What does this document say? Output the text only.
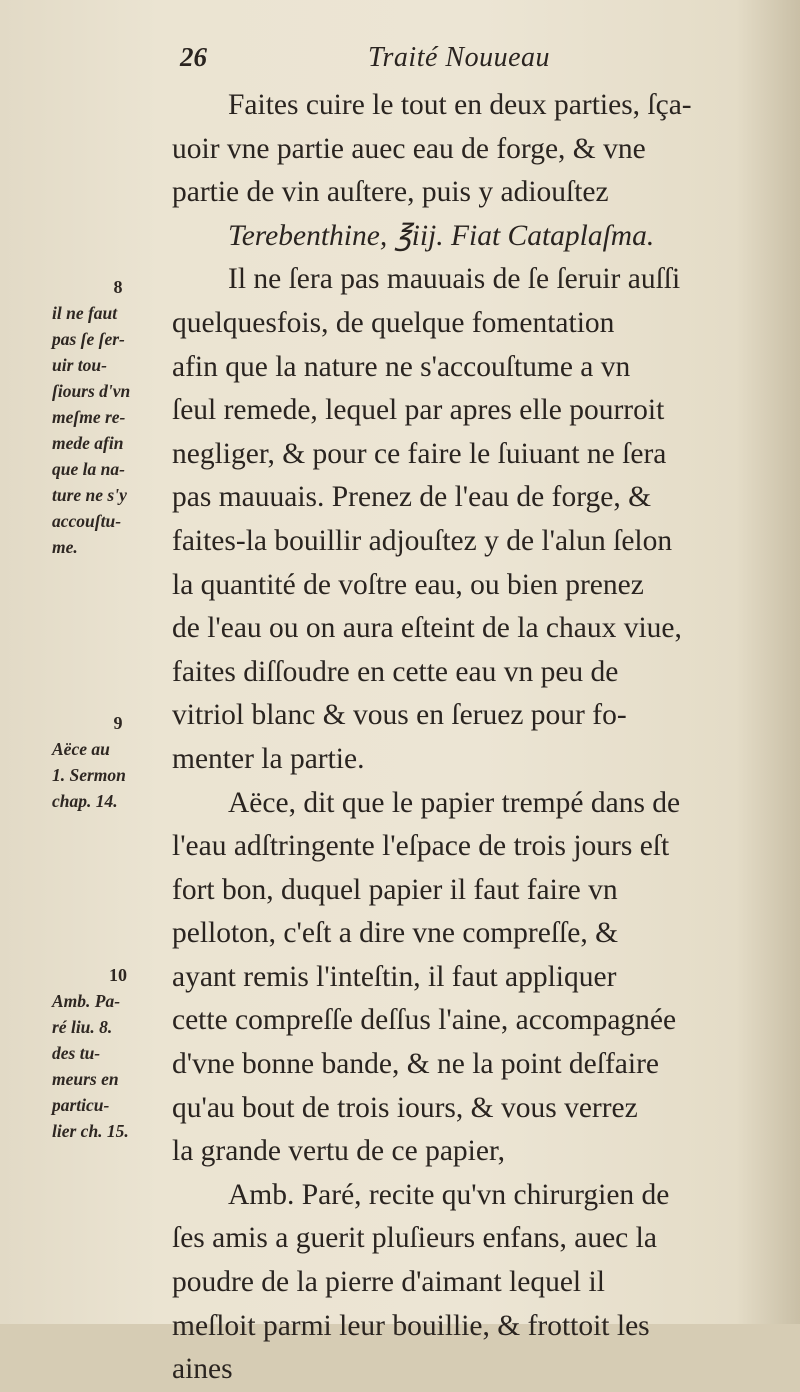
26	Traité Nouueau
Faites cuire le tout en deux parties, ſça-
uoir vne partie auec eau de forge, & vne
partie de vin auſtere, puis y adiouſtez
Terebenthine, ℥iij. Fiat Cataplaſma.
Il ne ſera pas mauuais de ſe ſeruir auſſi
quelquesfois, de quelque fomentation
afin que la nature ne s'accouſtume a vn
ſeul remede, lequel par apres elle pourroit
negliger, & pour ce faire le ſuiuant ne ſera
pas mauuais. Prenez de l'eau de forge, &
faites-la bouillir adjouſtez y de l'alun ſelon
la quantité de voſtre eau, ou bien prenez
de l'eau ou on aura eſteint de la chaux viue,
faites diſſoudre en cette eau vn peu de
vitriol blanc & vous en ſeruez pour fo-
menter la partie.
Aëce, dit que le papier trempé dans de
l'eau adſtringente l'eſpace de trois jours eſt
fort bon, duquel papier il faut faire vn
pelloton, c'eſt a dire vne compreſſe, &
ayant remis l'inteſtin, il faut appliquer
cette compreſſe deſſus l'aine, accompagnée
d'vne bonne bande, & ne la point deſfaire
qu'au bout de trois iours, & vous verrez
la grande vertu de ce papier,
Amb. Paré, recite qu'vn chirurgien de
ſes amis a guerit pluſieurs enfans, auec la
poudre de la pierre d'aimant lequel il
meſloit parmi leur bouillie, & frottoit les
aines
8
il ne faut
pas ſe ſer-
uir tou-
ſiours d'vn
meſme re-
mede afin
que la na-
ture ne s'y
accouſtu-
me.
9
Aëce au
1. Sermon
chap. 14.
10
Amb. Pa-
ré liu. 8.
des tu-
meurs en
particu-
lier ch. 15.
